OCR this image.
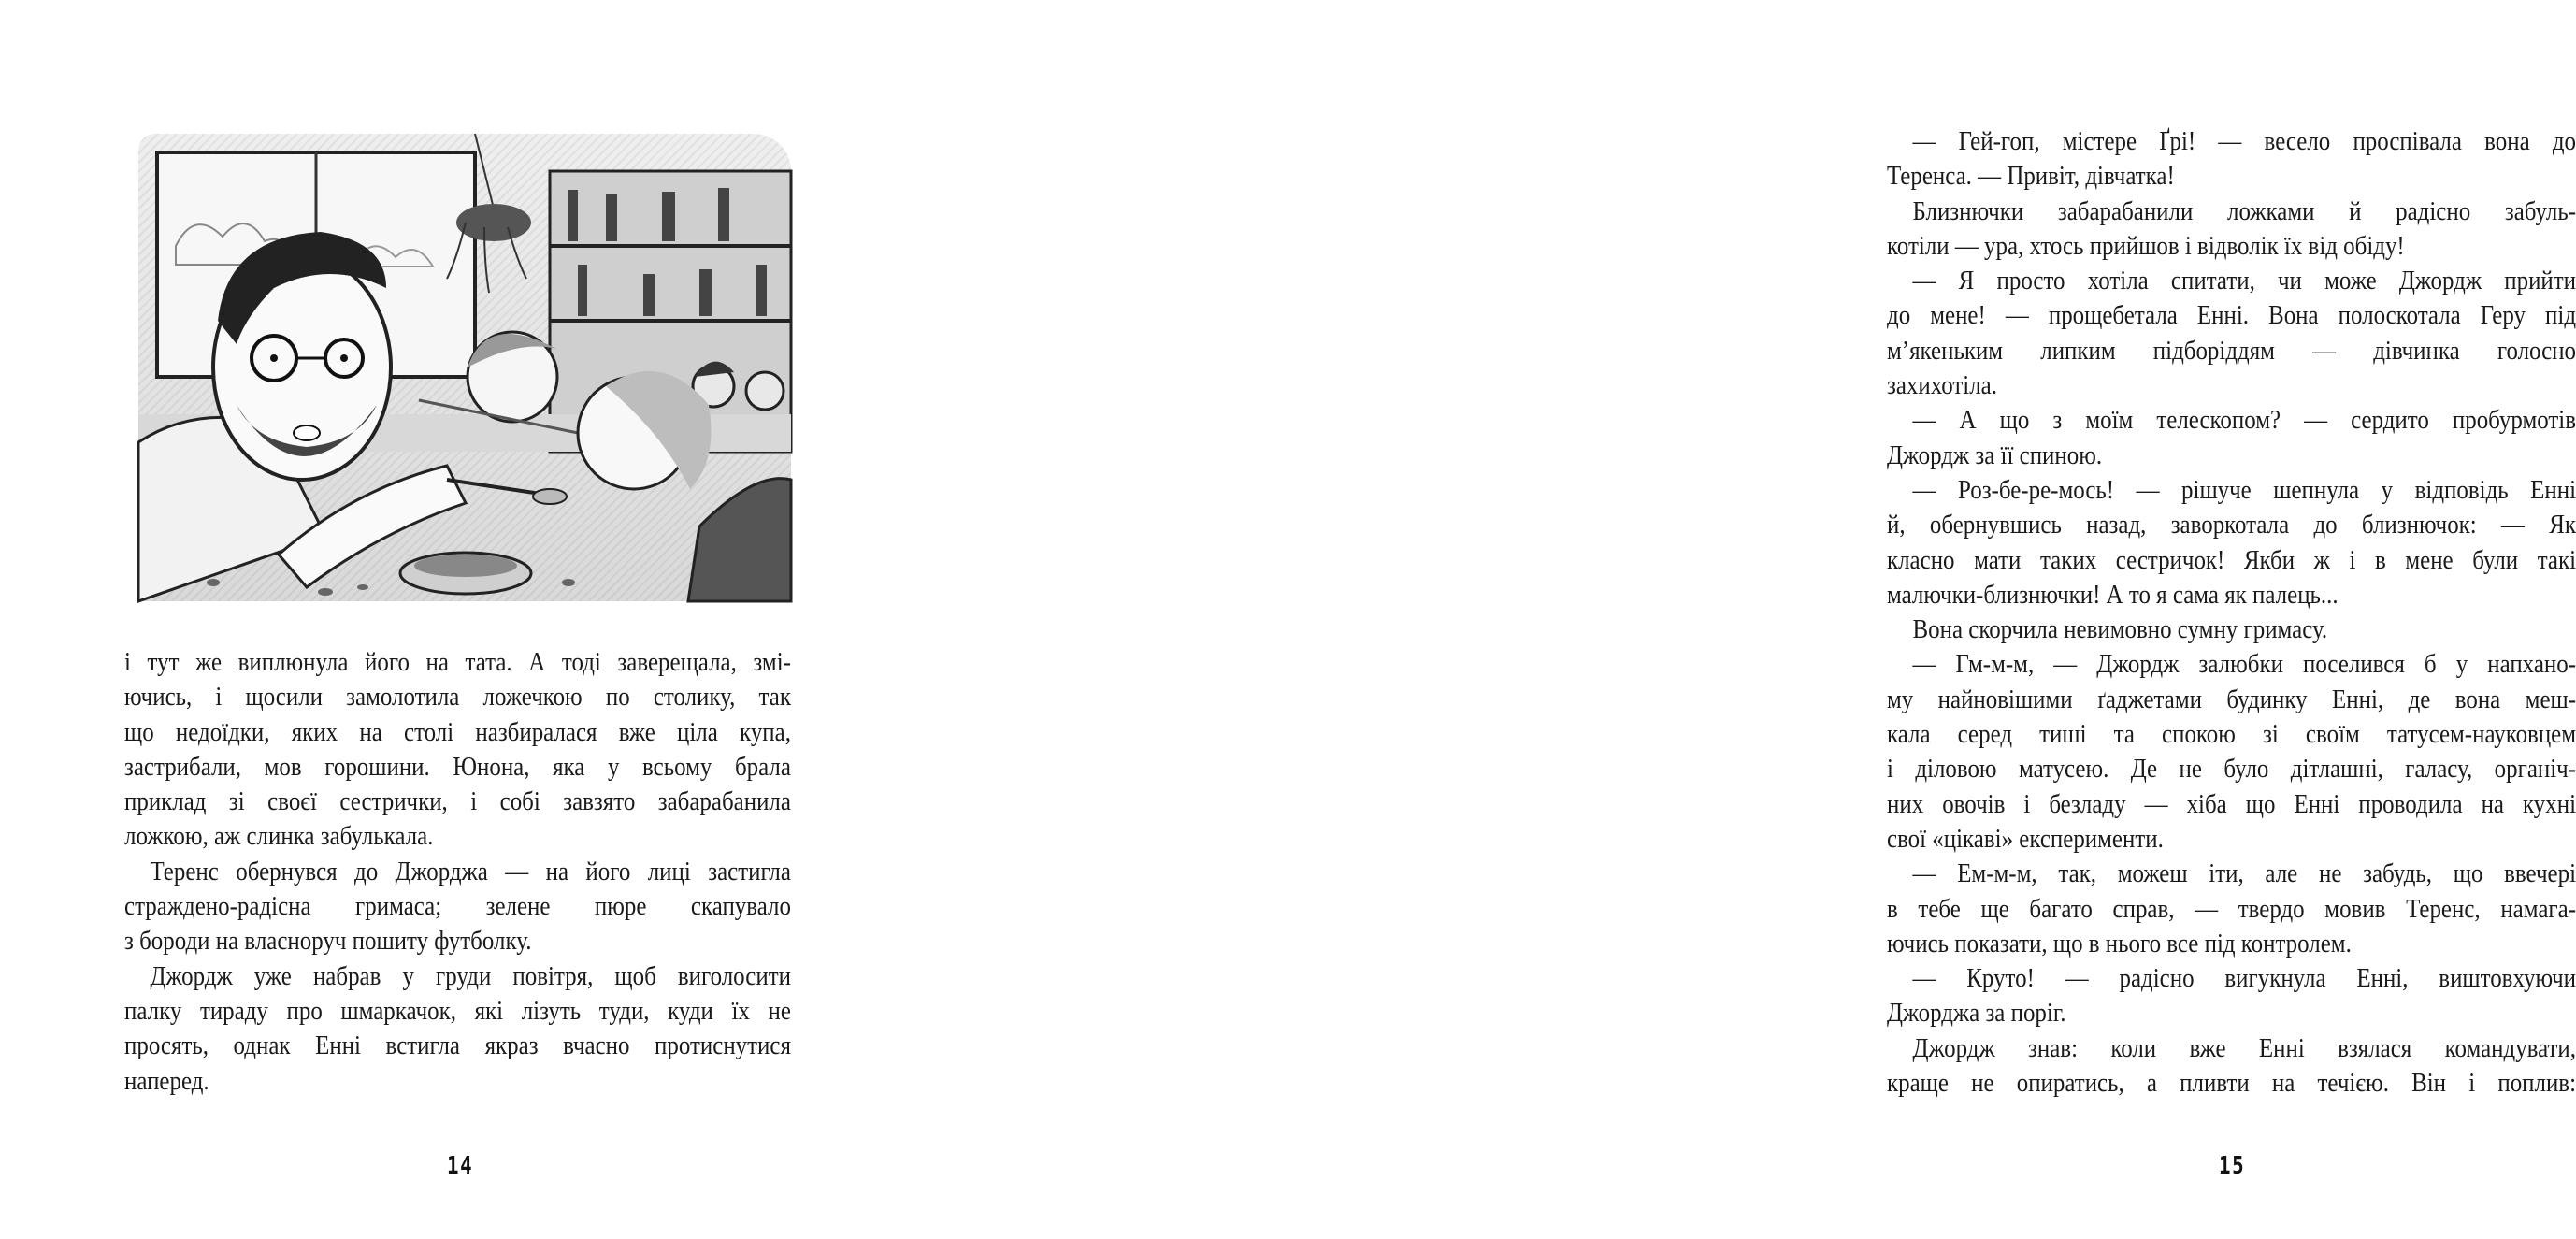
і тут же виплюнула його на тата. А тоді заверещала, змі-
ючись, і щосили замолотила ложечкою по столику, так
що недоїдки, яких на столі назбиралася вже ціла купа,
застрибали, мов горошини. Юнона, яка у всьому брала
приклад зі своєї сестрички, і собі завзято забарабанила
ложкою, аж слинка забулькала.
Теренс обернувся до Джорджа — на його лиці застигла
страждено-радісна гримаса; зелене пюре скапувало
з бороди на власноруч пошиту футболку.
Джордж уже набрав у груди повітря, щоб виголосити
палку тираду про шмаркачок, які лізуть туди, куди їх не
просять, однак Енні встигла якраз вчасно протиснутися
наперед.
14
— Гей-гоп, містере Ґрі! — весело проспівала вона до
Теренса. — Привіт, дівчатка!
Близнючки забарабанили ложками й радісно забуль-
котіли — ура, хтось прийшов і відволік їх від обіду!
— Я просто хотіла спитати, чи може Джордж прийти
до мене! — прощебетала Енні. Вона полоскотала Геру під
м’якеньким липким підборіддям — дівчинка голосно
захихотіла.
— А що з моїм телескопом? — сердито пробурмотів
Джордж за її спиною.
— Роз-бе-ре-мось! — рішуче шепнула у відповідь Енні
й, обернувшись назад, заворкотала до близнючок: — Як
класно мати таких сестричок! Якби ж і в мене були такі
малючки-близнючки! А то я сама як палець...
Вона скорчила невимовно сумну гримасу.
— Гм-м-м, — Джордж залюбки поселився б у напхано-
му найновішими ґаджетами будинку Енні, де вона меш-
кала серед тиші та спокою зі своїм татусем-науковцем
і діловою матусею. Де не було дітлашні, галасу, органіч-
них овочів і безладу — хіба що Енні проводила на кухні
свої «цікаві» експерименти.
— Ем-м-м, так, можеш іти, але не забудь, що ввечері
в тебе ще багато справ, — твердо мовив Теренс, намага-
ючись показати, що в нього все під контролем.
— Круто! — радісно вигукнула Енні, виштовхуючи
Джорджа за поріг.
Джордж знав: коли вже Енні взялася командувати,
краще не опиратись, а пливти на течією. Він і поплив:
15
